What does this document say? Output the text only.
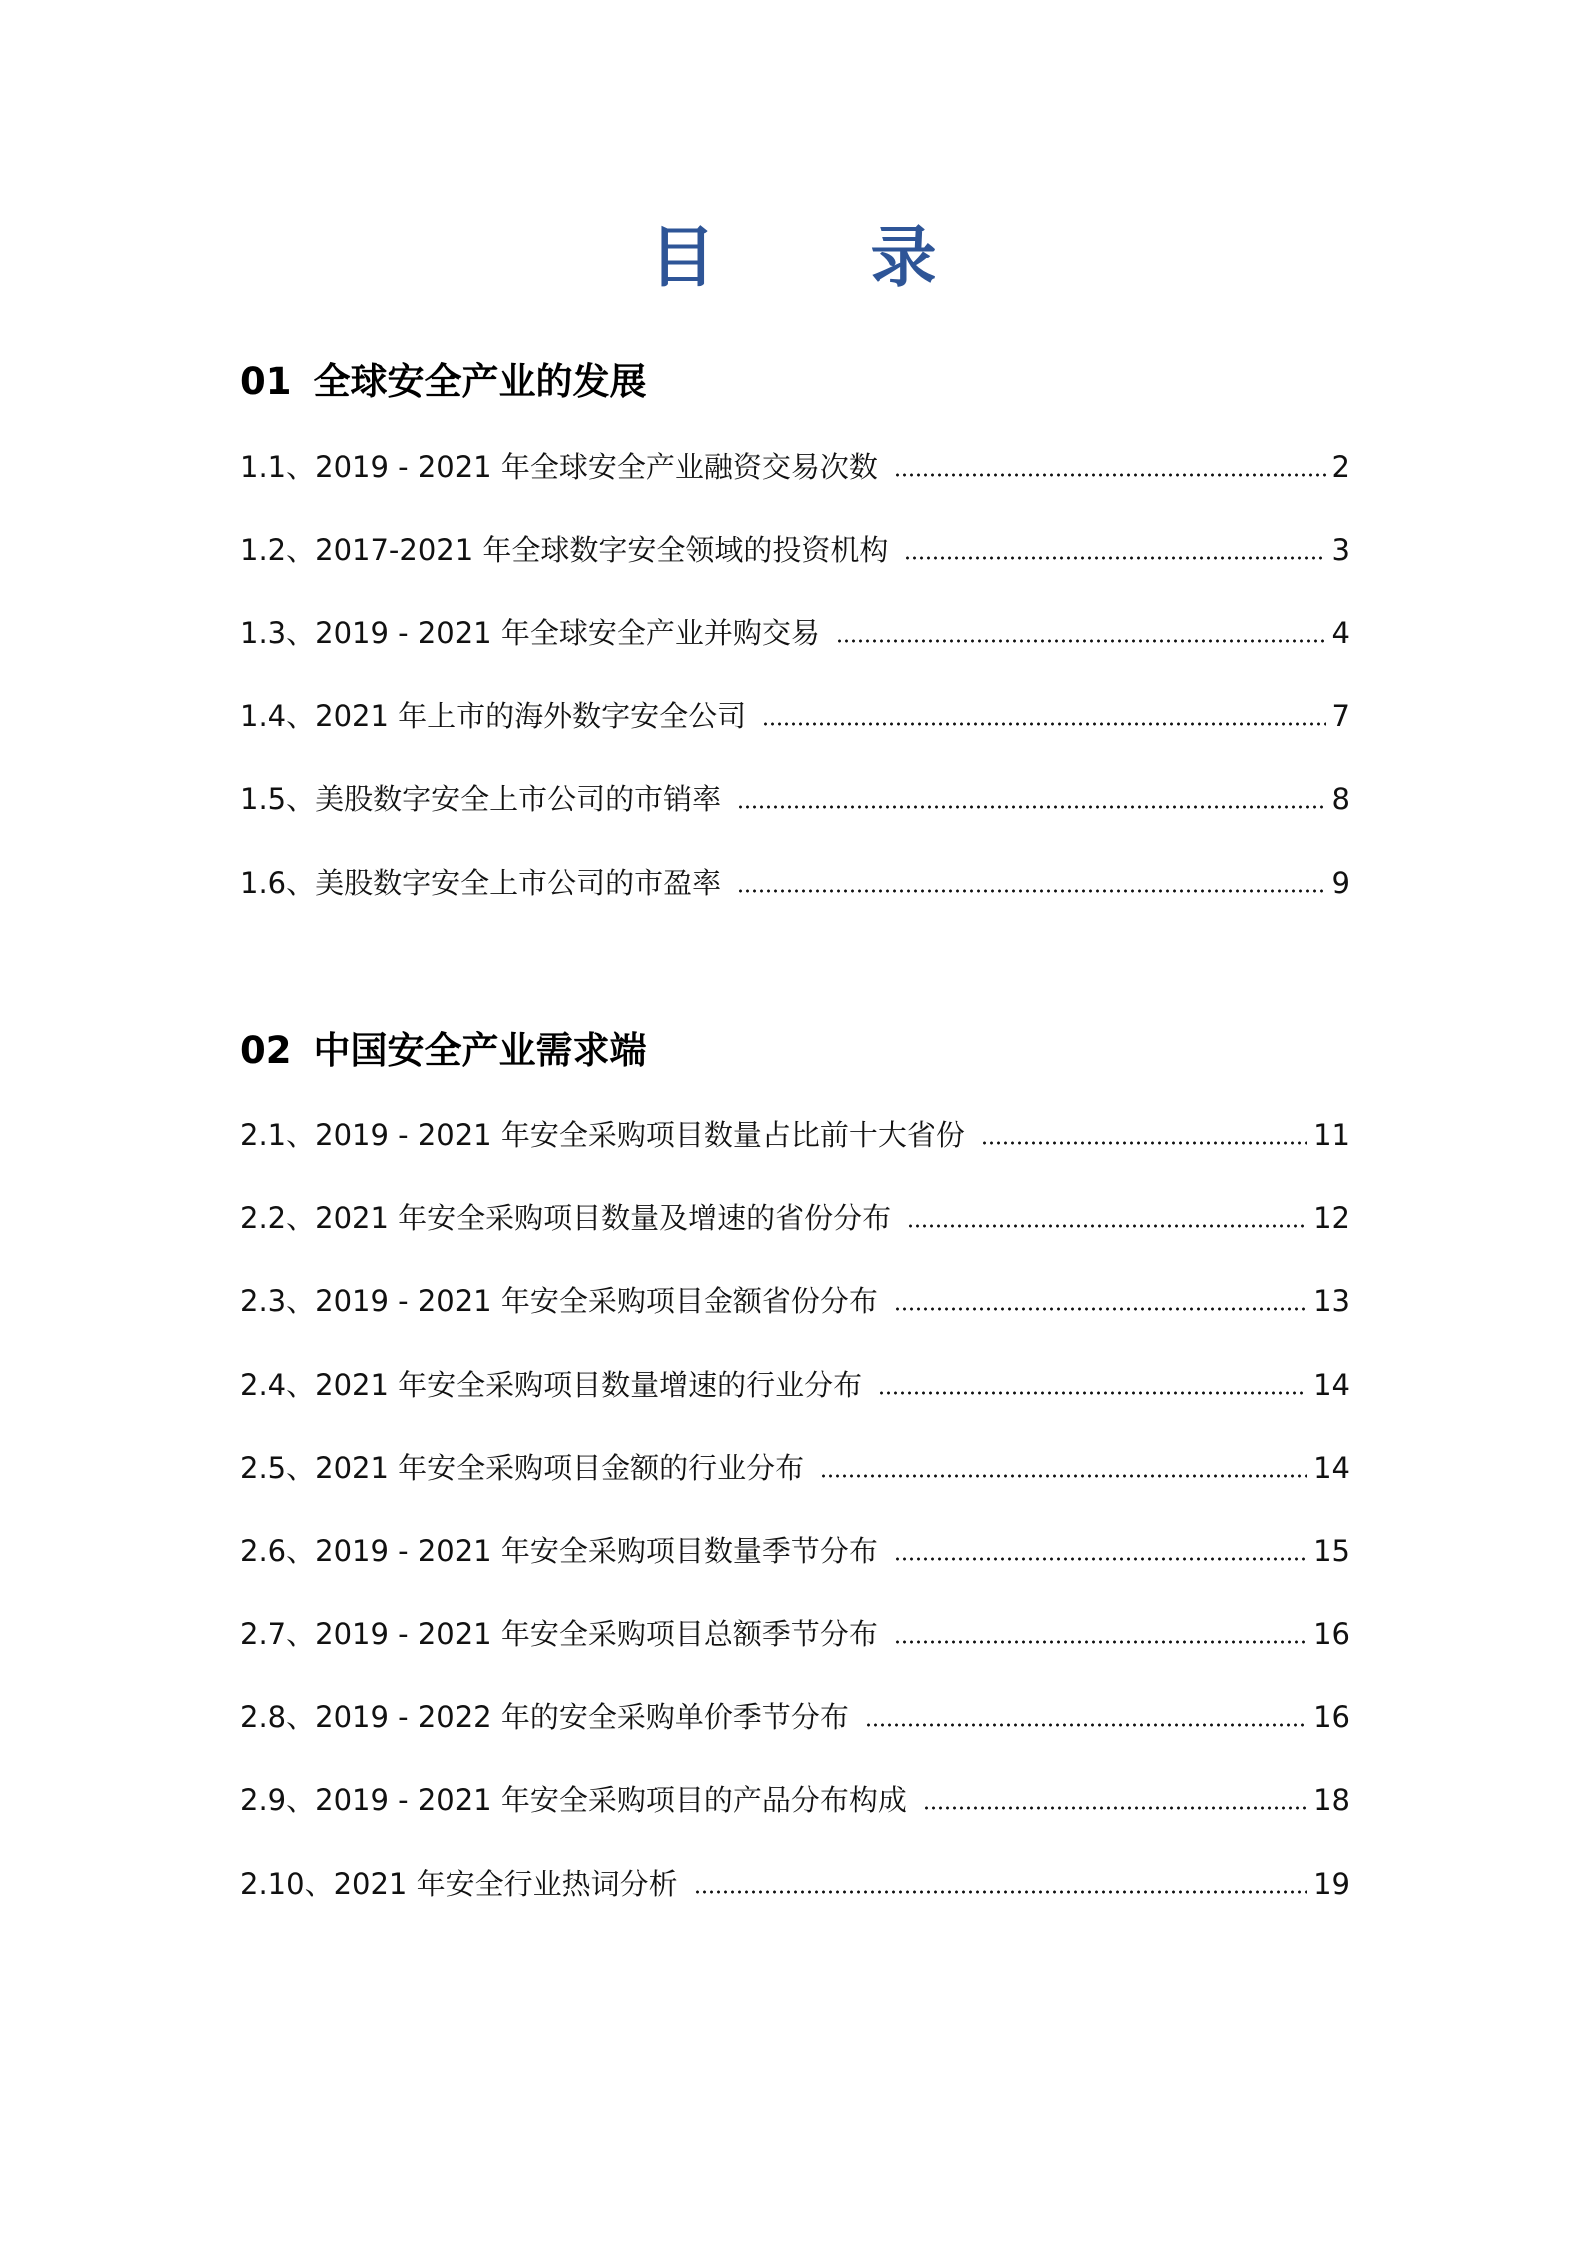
目 录
01 全球安全产业的发展
1.1、2019 - 2021 年全球安全产业融资交易次数	2
1.2、2017-2021 年全球数字安全领域的投资机构	3
1.3、2019 - 2021 年全球安全产业并购交易	4
1.4、2021 年上市的海外数字安全公司	7
1.5、美股数字安全上市公司的市销率	8
1.6、美股数字安全上市公司的市盈率	9
02 中国安全产业需求端
2.1、2019 - 2021 年安全采购项目数量占比前十大省份	11
2.2、2021 年安全采购项目数量及增速的省份分布	12
2.3、2019 - 2021 年安全采购项目金额省份分布	13
2.4、2021 年安全采购项目数量增速的行业分布	14
2.5、2021 年安全采购项目金额的行业分布	14
2.6、2019 - 2021 年安全采购项目数量季节分布	15
2.7、2019 - 2021 年安全采购项目总额季节分布	16
2.8、2019 - 2022 年的安全采购单价季节分布	16
2.9、2019 - 2021 年安全采购项目的产品分布构成	18
2.10、2021 年安全行业热词分析	19
